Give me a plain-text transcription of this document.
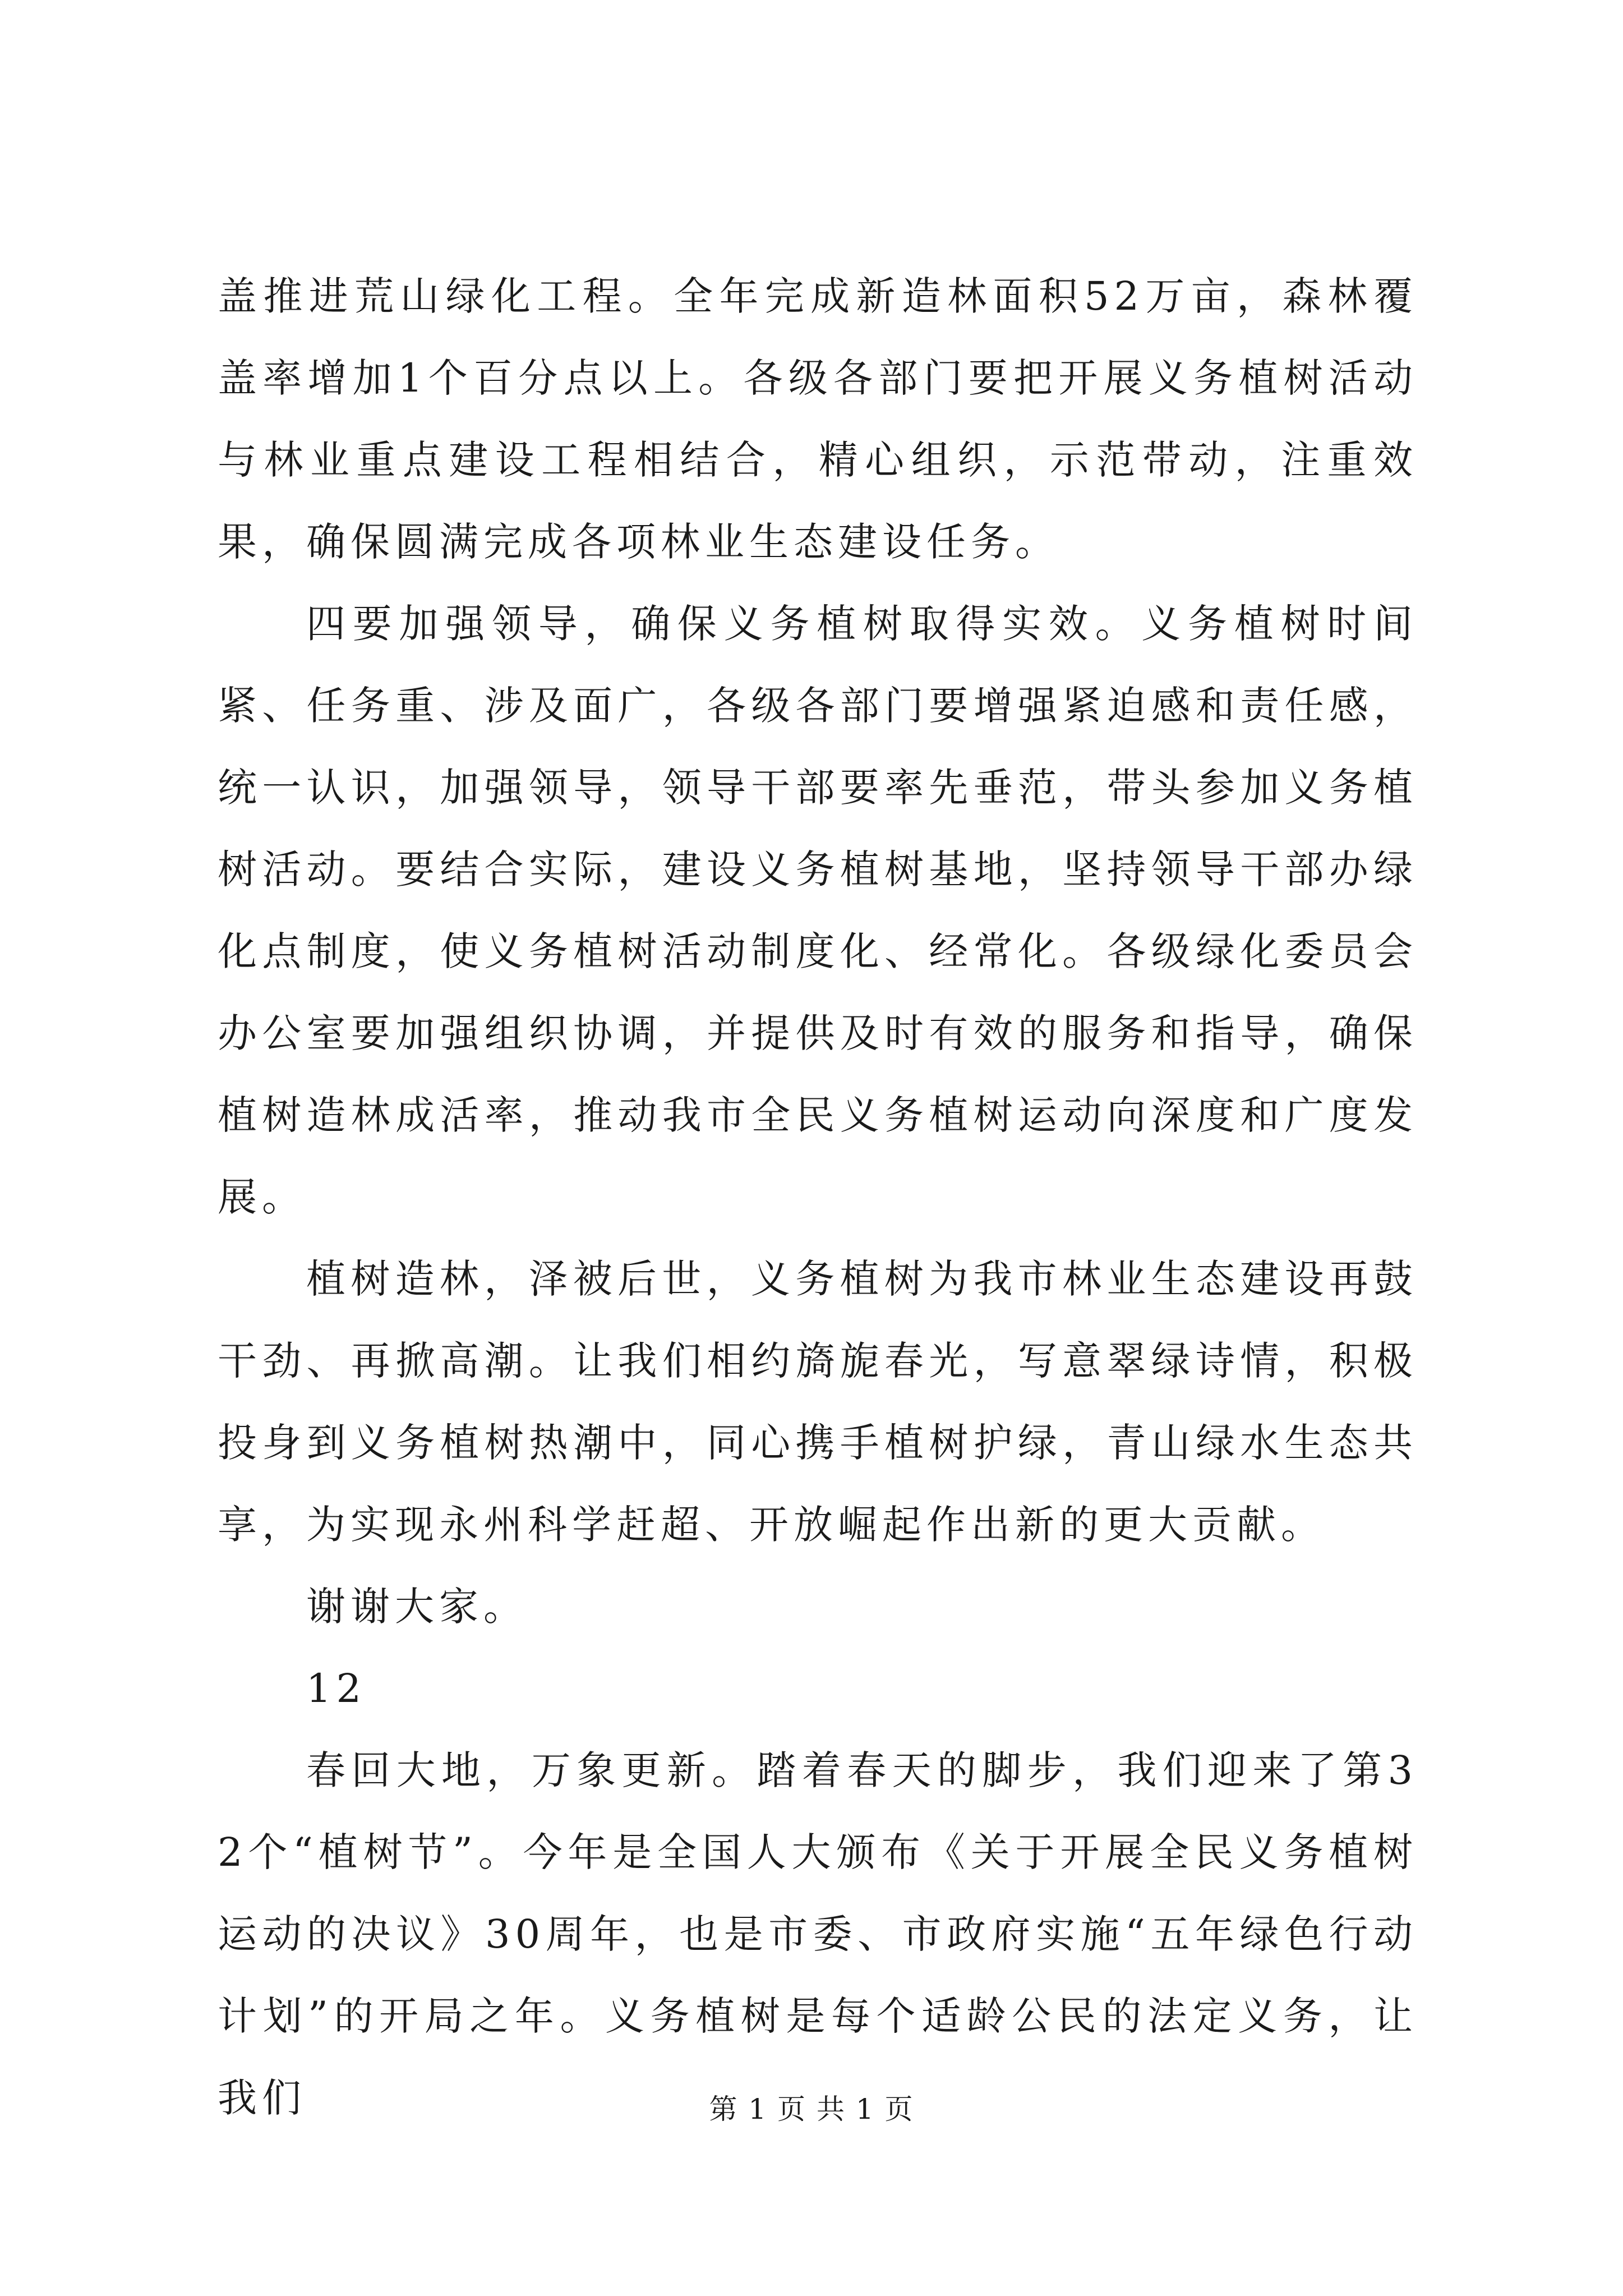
盖推进荒山绿化工程。全年完成新造林面积52万亩，森林覆盖率增加1个百分点以上。各级各部门要把开展义务植树活动与林业重点建设工程相结合，精心组织，示范带动，注重效果，确保圆满完成各项林业生态建设任务。

四要加强领导，确保义务植树取得实效。义务植树时间紧、任务重、涉及面广，各级各部门要增强紧迫感和责任感，统一认识，加强领导，领导干部要率先垂范，带头参加义务植树活动。要结合实际，建设义务植树基地，坚持领导干部办绿化点制度，使义务植树活动制度化、经常化。各级绿化委员会办公室要加强组织协调，并提供及时有效的服务和指导，确保植树造林成活率，推动我市全民义务植树运动向深度和广度发展。

植树造林，泽被后世，义务植树为我市林业生态建设再鼓干劲、再掀高潮。让我们相约旖旎春光，写意翠绿诗情，积极投身到义务植树热潮中，同心携手植树护绿，青山绿水生态共享，为实现永州科学赶超、开放崛起作出新的更大贡献。

谢谢大家。

12

春回大地，万象更新。踏着春天的脚步，我们迎来了第32个“植树节”。今年是全国人大颁布《关于开展全民义务植树运动的决议》30周年，也是市委、市政府实施“五年绿色行动计划”的开局之年。义务植树是每个适龄公民的法定义务，让我们	第 1 页 共 1 页
